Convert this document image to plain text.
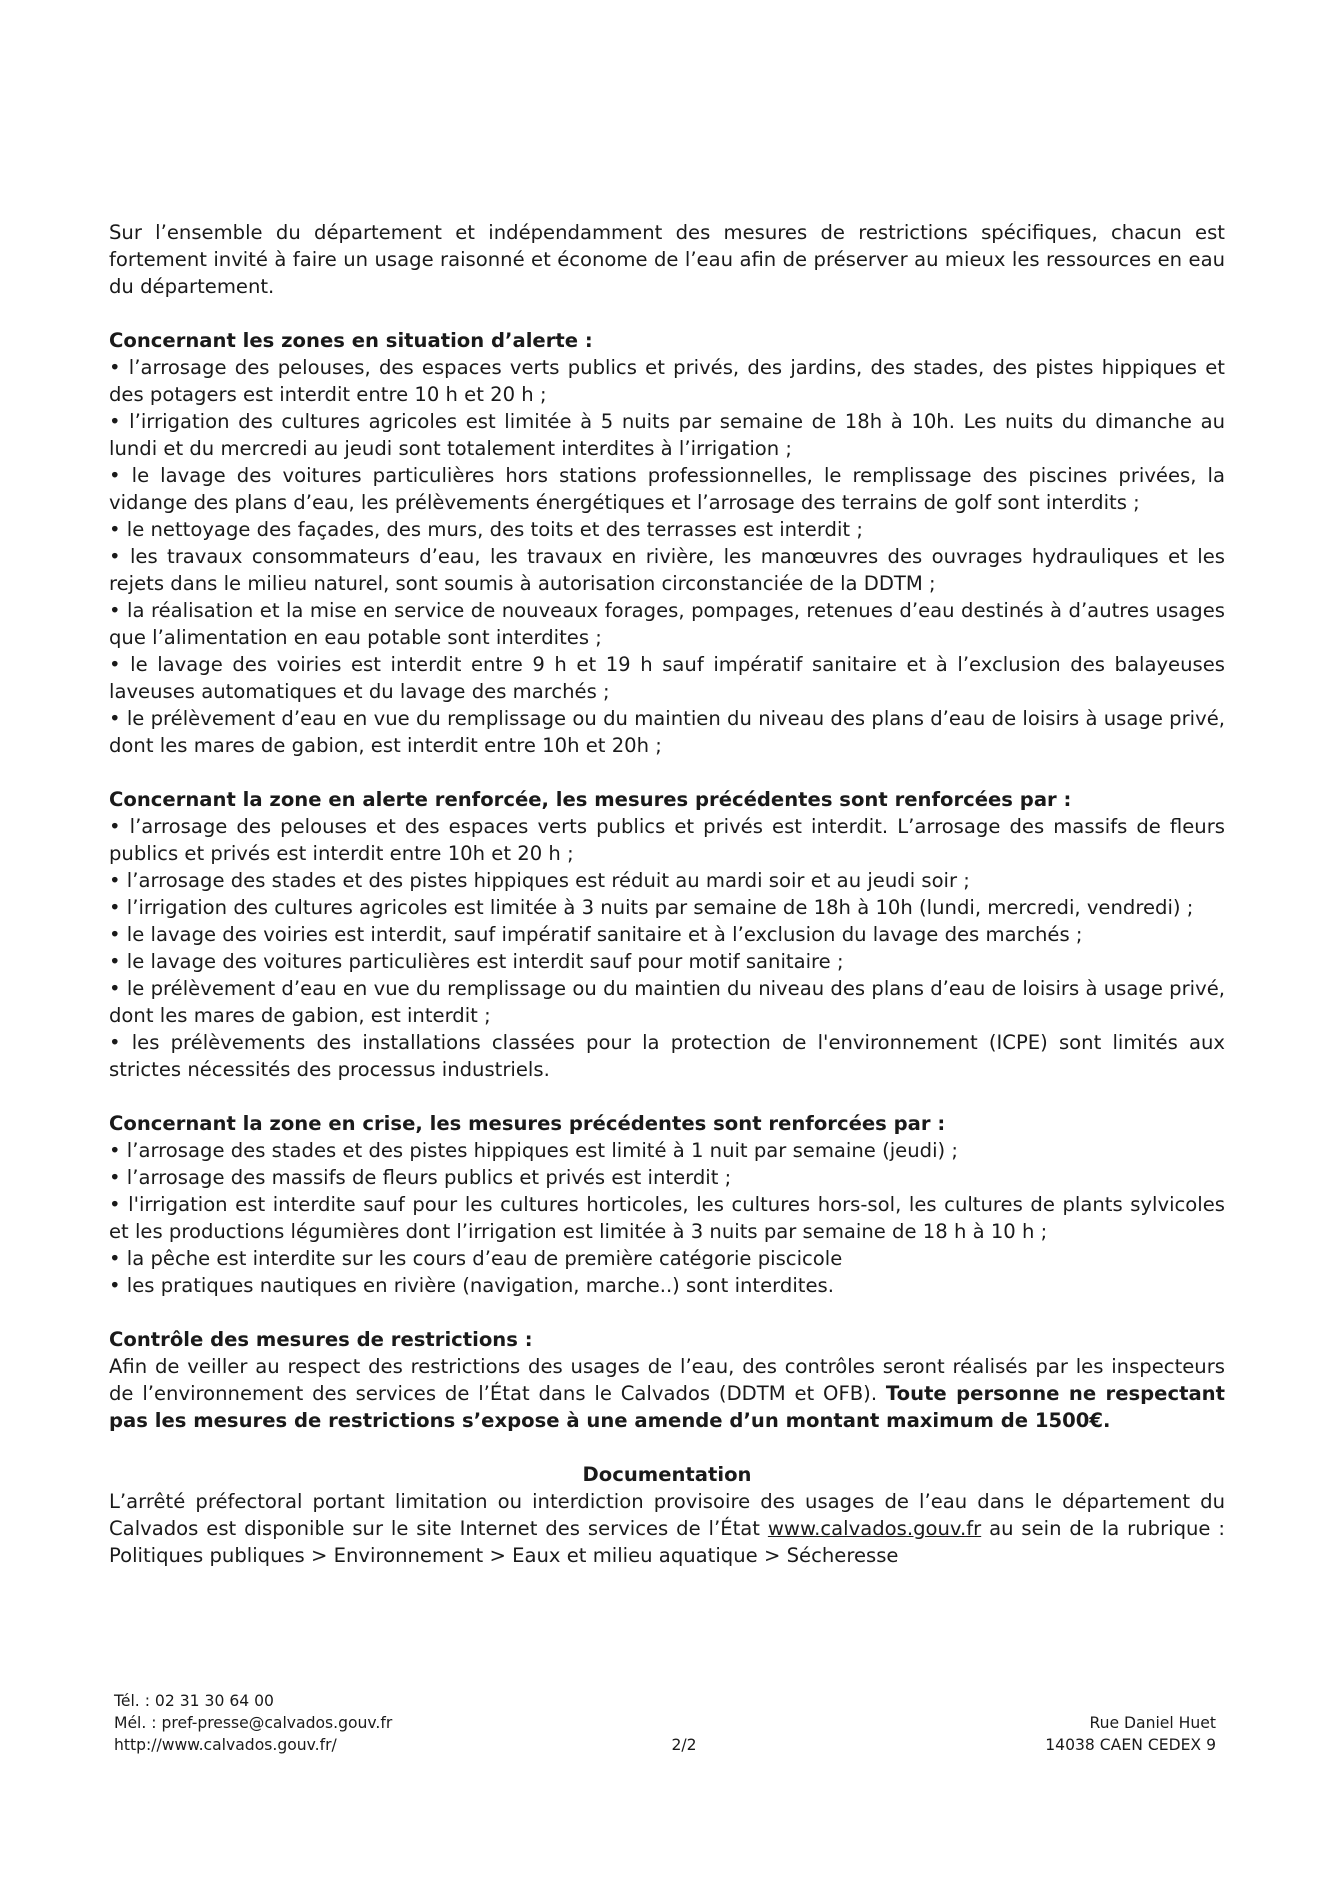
Sur l’ensemble du département et indépendamment des mesures de restrictions spécifiques, chacun est fortement invité à faire un usage raisonné et économe de l’eau afin de préserver au mieux les ressources en eau du département.

Concernant les zones en situation d’alerte :

• l’arrosage des pelouses, des espaces verts publics et privés, des jardins, des stades, des pistes hippiques et des potagers est interdit entre 10 h et 20 h ;

• l’irrigation des cultures agricoles est limitée à 5 nuits par semaine de 18h à 10h. Les nuits du dimanche au lundi et du mercredi au jeudi sont totalement interdites à l’irrigation ;

• le lavage des voitures particulières hors stations professionnelles, le remplissage des piscines privées, la vidange des plans d’eau, les prélèvements énergétiques et l’arrosage des terrains de golf sont interdits ;

• le nettoyage des façades, des murs, des toits et des terrasses est interdit ;

• les travaux consommateurs d’eau, les travaux en rivière, les manœuvres des ouvrages hydrauliques et les rejets dans le milieu naturel, sont soumis à autorisation circonstanciée de la DDTM ;

• la réalisation et la mise en service de nouveaux forages, pompages, retenues d’eau destinés à d’autres usages que l’alimentation en eau potable sont interdites ;

• le lavage des voiries est interdit entre 9 h et 19 h sauf impératif sanitaire et à l’exclusion des balayeuses laveuses automatiques et du lavage des marchés ;

• le prélèvement d’eau en vue du remplissage ou du maintien du niveau des plans d’eau de loisirs à usage privé, dont les mares de gabion, est interdit entre 10h et 20h ;

Concernant la zone en alerte renforcée, les mesures précédentes sont renforcées par :

• l’arrosage des pelouses et des espaces verts publics et privés est interdit. L’arrosage des massifs de fleurs publics et privés est interdit entre 10h et 20 h ;

• l’arrosage des stades et des pistes hippiques est réduit au mardi soir et au jeudi soir ;

• l’irrigation des cultures agricoles est limitée à 3 nuits par semaine de 18h à 10h (lundi, mercredi, vendredi) ;

• le lavage des voiries est interdit, sauf impératif sanitaire et à l’exclusion du lavage des marchés ;

• le lavage des voitures particulières est interdit sauf pour motif sanitaire ;

• le prélèvement d’eau en vue du remplissage ou du maintien du niveau des plans d’eau de loisirs à usage privé, dont les mares de gabion, est interdit ;

• les prélèvements des installations classées pour la protection de l'environnement (ICPE) sont limités aux strictes nécessités des processus industriels.

Concernant la zone en crise, les mesures précédentes sont renforcées par :

• l’arrosage des stades et des pistes hippiques est limité à 1 nuit par semaine (jeudi) ;

• l’arrosage des massifs de fleurs publics et privés est interdit ;

• l'irrigation est interdite sauf pour les cultures horticoles, les cultures hors-sol, les cultures de plants sylvicoles et les productions légumières dont l’irrigation est limitée à 3 nuits par semaine de 18 h à 10 h ;

• la pêche est interdite sur les cours d’eau de première catégorie piscicole

• les pratiques nautiques en rivière (navigation, marche..) sont interdites.

Contrôle des mesures de restrictions :

Afin de veiller au respect des restrictions des usages de l’eau, des contrôles seront réalisés par les inspecteurs de l’environnement des services de l’État dans le Calvados (DDTM et OFB). Toute personne ne respectant pas les mesures de restrictions s’expose à une amende d’un montant maximum de 1500€.

Documentation

L’arrêté préfectoral portant limitation ou interdiction provisoire des usages de l’eau dans le département du Calvados est disponible sur le site Internet des services de l’État www.calvados.gouv.fr au sein de la rubrique : Politiques publiques > Environnement > Eaux et milieu aquatique > Sécheresse

Tél. : 02 31 30 64 00
Mél. : pref-presse@calvados.gouv.fr
http://www.calvados.gouv.fr/	2/2
Rue Daniel Huet
14038 CAEN CEDEX 9
